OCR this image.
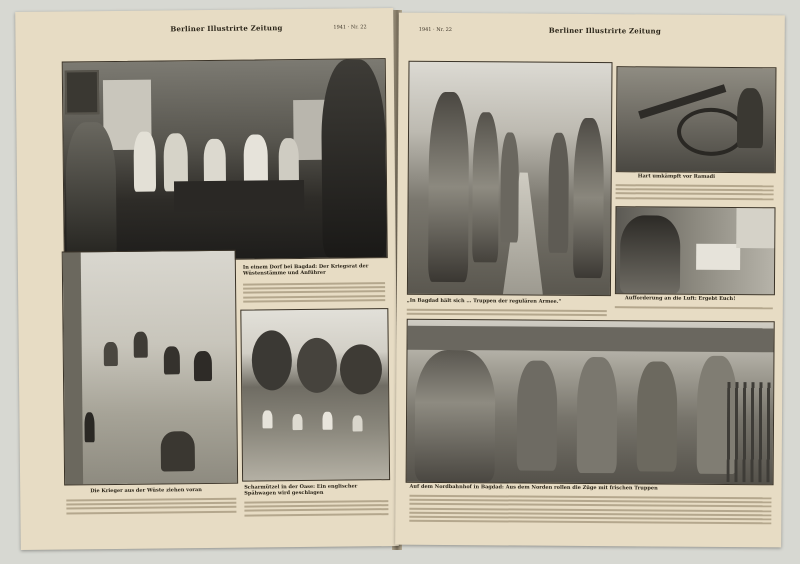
Berliner Illustrirte Zeitung	1941 · Nr. 22
In einem Dorf bei Bagdad: Der Kriegsrat der Wüstenstämme und Anführer
Die Krieger aus der Wüste ziehen voran
Scharmützel in der Oase: Ein englischer Spähwagen wird geschlagen
1941 · Nr. 22	Berliner Illustrirte Zeitung
„In Bagdad hält sich … Truppen der regulären Armee.“
Hart umkämpft vor Ramadi
Aufforderung an die Luft: Ergebt Euch!
Auf dem Nordbahnhof in Bagdad: Aus dem Norden rollen die Züge mit frischen Truppen
